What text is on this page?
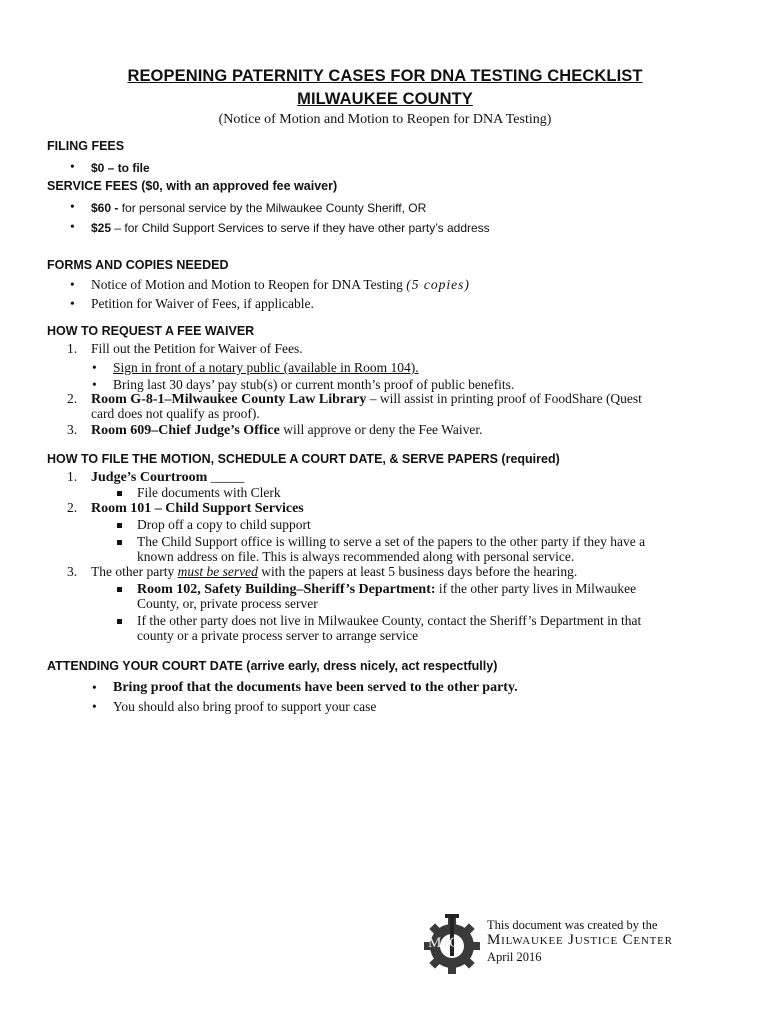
REOPENING PATERNITY CASES FOR DNA TESTING CHECKLIST
MILWAUKEE COUNTY
(Notice of Motion and Motion to Reopen for DNA Testing)
FILING FEES
• $0 – to file
SERVICE FEES ($0, with an approved fee waiver)
• $60 - for personal service by the Milwaukee County Sheriff, OR
• $25 – for Child Support Services to serve if they have other party’s address
FORMS AND COPIES NEEDED
• Notice of Motion and Motion to Reopen for DNA Testing (5 copies)
• Petition for Waiver of Fees, if applicable.
HOW TO REQUEST A FEE WAIVER
1. Fill out the Petition for Waiver of Fees.
• Sign in front of a notary public (available in Room 104).
• Bring last 30 days’ pay stub(s) or current month’s proof of public benefits.
2. Room G-8-1–Milwaukee County Law Library – will assist in printing proof of FoodShare (Quest
card does not qualify as proof).
3. Room 609–Chief Judge’s Office will approve or deny the Fee Waiver.
HOW TO FILE THE MOTION, SCHEDULE A COURT DATE, & SERVE PAPERS (required)
1. Judge’s Courtroom _____
File documents with Clerk
2. Room 101 – Child Support Services
Drop off a copy to child support
The Child Support office is willing to serve a set of the papers to the other party if they have a
known address on file. This is always recommended along with personal service.
3. The other party must be served with the papers at least 5 business days before the hearing.
Room 102, Safety Building–Sheriff’s Department: if the other party lives in Milwaukee
County, or, private process server
If the other party does not live in Milwaukee County, contact the Sheriff’s Department in that
county or a private process server to arrange service
ATTENDING YOUR COURT DATE (arrive early, dress nicely, act respectfully)
• Bring proof that the documents have been served to the other party.
• You should also bring proof to support your case
MJC
This document was created by the
Milwaukee Justice Center
April 2016
